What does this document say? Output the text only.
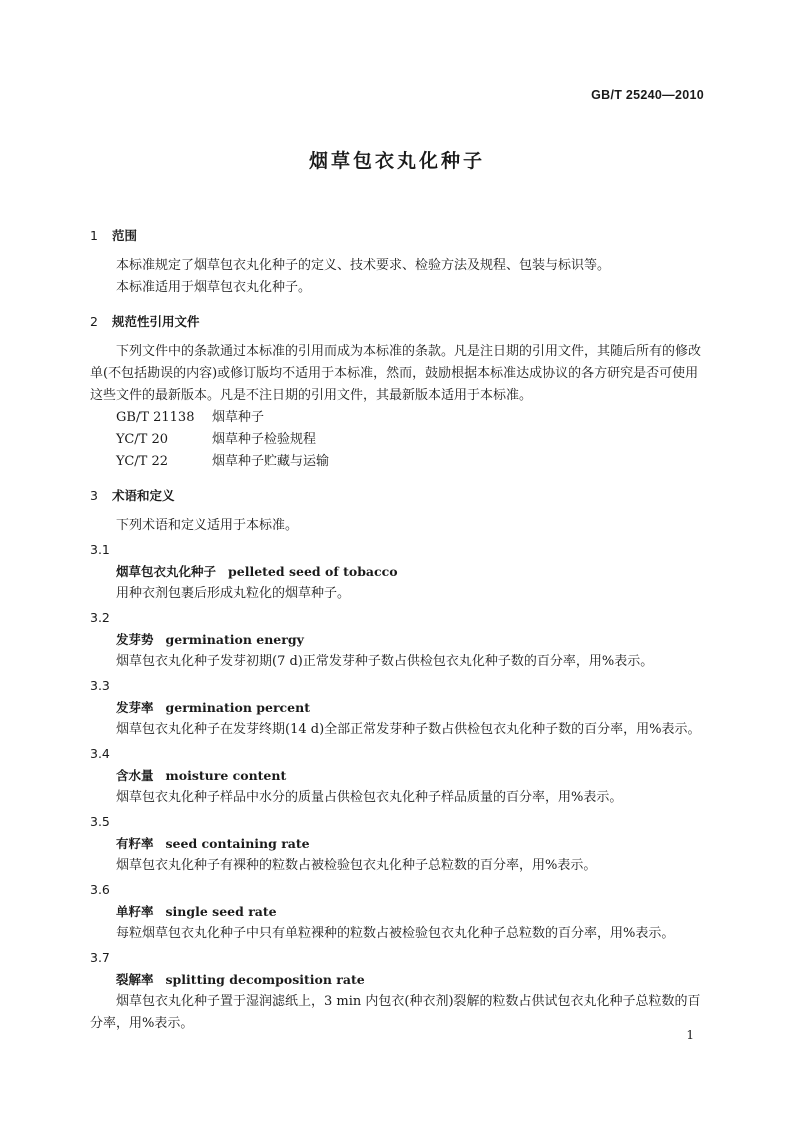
GB/T 25240—2010
烟草包衣丸化种子
1 范围

本标准规定了烟草包衣丸化种子的定义、技术要求、检验方法及规程、包装与标识等。

本标准适用于烟草包衣丸化种子。

2 规范性引用文件

下列文件中的条款通过本标准的引用而成为本标准的条款。凡是注日期的引用文件，其随后所有的修改单(不包括勘误的内容)或修订版均不适用于本标准，然而，鼓励根据本标准达成协议的各方研究是否可使用这些文件的最新版本。凡是不注日期的引用文件，其最新版本适用于本标准。

GB/T 21138 烟草种子

YC/T 20	烟草种子检验规程

YC/T 22	烟草种子贮藏与运输

3 术语和定义

下列术语和定义适用于本标准。

3.1

烟草包衣丸化种子 pelleted seed of tobacco

用种衣剂包裹后形成丸粒化的烟草种子。

3.2

发芽势 germination energy

烟草包衣丸化种子发芽初期(7 d)正常发芽种子数占供检包衣丸化种子数的百分率，用%表示。

3.3

发芽率 germination percent

烟草包衣丸化种子在发芽终期(14 d)全部正常发芽种子数占供检包衣丸化种子数的百分率，用%表示。

3.4

含水量 moisture content

烟草包衣丸化种子样品中水分的质量占供检包衣丸化种子样品质量的百分率，用%表示。

3.5

有籽率 seed containing rate

烟草包衣丸化种子有裸种的粒数占被检验包衣丸化种子总粒数的百分率，用%表示。

3.6

单籽率 single seed rate

每粒烟草包衣丸化种子中只有单粒裸种的粒数占被检验包衣丸化种子总粒数的百分率，用%表示。

3.7

裂解率 splitting decomposition rate

烟草包衣丸化种子置于湿润滤纸上，3 min 内包衣(种衣剂)裂解的粒数占供试包衣丸化种子总粒数的百分率，用%表示。

1
